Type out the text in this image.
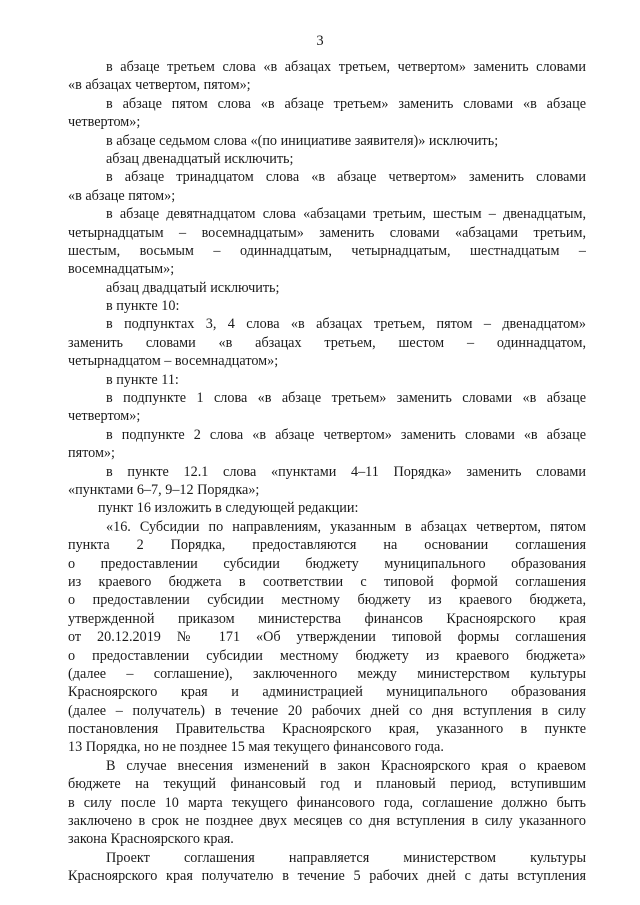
3
в абзаце третьем слова «в абзацах третьем, четвертом» заменить словами
«в абзацах четвертом, пятом»;
в абзаце пятом слова «в абзаце третьем» заменить словами «в абзаце
четвертом»;
в абзаце седьмом слова «(по инициативе заявителя)» исключить;
абзац двенадцатый исключить;
в абзаце тринадцатом слова «в абзаце четвертом» заменить словами
«в абзаце пятом»;
в абзаце девятнадцатом слова «абзацами третьим, шестым – двенадцатым,
четырнадцатым – восемнадцатым» заменить словами «абзацами третьим,
шестым, восьмым – одиннадцатым, четырнадцатым, шестнадцатым –
восемнадцатым»;
абзац двадцатый исключить;
в пункте 10:
в подпунктах 3, 4 слова «в абзацах третьем, пятом – двенадцатом»
заменить словами «в абзацах третьем, шестом – одиннадцатом,
четырнадцатом – восемнадцатом»;
в пункте 11:
в подпункте 1 слова «в абзаце третьем» заменить словами «в абзаце
четвертом»;
в подпункте 2 слова «в абзаце четвертом» заменить словами «в абзаце
пятом»;
в пункте 12.1 слова «пунктами 4–11 Порядка» заменить словами
«пунктами 6–7, 9–12 Порядка»;
пункт 16 изложить в следующей редакции:
«16. Субсидии по направлениям, указанным в абзацах четвертом, пятом
пункта 2 Порядка, предоставляются на основании соглашения
о предоставлении субсидии бюджету муниципального образования
из краевого бюджета в соответствии с типовой формой соглашения
о предоставлении субсидии местному бюджету из краевого бюджета,
утвержденной приказом министерства финансов Красноярского края
от 20.12.2019 № 171 «Об утверждении типовой формы соглашения
о предоставлении субсидии местному бюджету из краевого бюджета»
(далее – соглашение), заключенного между министерством культуры
Красноярского края и администрацией муниципального образования
(далее – получатель) в течение 20 рабочих дней со дня вступления в силу
постановления Правительства Красноярского края, указанного в пункте
13 Порядка, но не позднее 15 мая текущего финансового года.
В случае внесения изменений в закон Красноярского края о краевом
бюджете на текущий финансовый год и плановый период, вступившим
в силу после 10 марта текущего финансового года, соглашение должно быть
заключено в срок не позднее двух месяцев со дня вступления в силу указанного
закона Красноярского края.
Проект соглашения направляется министерством культуры
Красноярского края получателю в течение 5 рабочих дней с даты вступления
